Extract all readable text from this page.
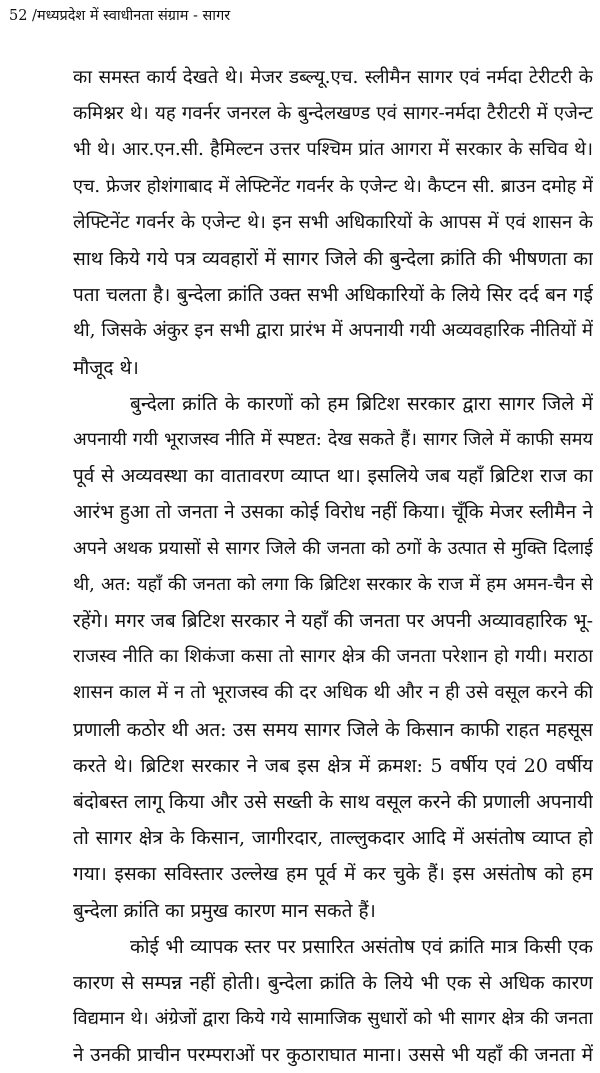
52 /मध्यप्रदेश में स्वाधीनता संग्राम - सागर
का समस्त कार्य देखते थे। मेजर डब्ल्यू.एच. स्लीमैन सागर एवं नर्मदा टेरीटरी के
कमिश्नर थे। यह गवर्नर जनरल के बुन्देलखण्ड एवं सागर-नर्मदा टैरीटरी में एजेन्ट
भी थे। आर.एन.सी. हैमिल्टन उत्तर पश्चिम प्रांत आगरा में सरकार के सचिव थे।
एच. फ्रेजर होशंगाबाद में लेफ्टिनेंट गवर्नर के एजेन्ट थे। कैप्टन सी. ब्राउन दमोह में
लेफ्टिनेंट गवर्नर के एजेन्ट थे। इन सभी अधिकारियों के आपस में एवं शासन के
साथ किये गये पत्र व्यवहारों में सागर जिले की बुन्देला क्रांति की भीषणता का
पता चलता है। बुन्देला क्रांति उक्त सभी अधिकारियों के लिये सिर दर्द बन गई
थी, जिसके अंकुर इन सभी द्वारा प्रारंभ में अपनायी गयी अव्यवहारिक नीतियों में
मौजूद थे।
बुन्देला क्रांति के कारणों को हम ब्रिटिश सरकार द्वारा सागर जिले में
अपनायी गयी भूराजस्व नीति में स्पष्टत: देख सकते हैं। सागर जिले में काफी समय
पूर्व से अव्यवस्था का वातावरण व्याप्त था। इसलिये जब यहाँ ब्रिटिश राज का
आरंभ हुआ तो जनता ने उसका कोई विरोध नहीं किया। चूँकि मेजर स्लीमैन ने
अपने अथक प्रयासों से सागर जिले की जनता को ठगों के उत्पात से मुक्ति दिलाई
थी, अत: यहाँ की जनता को लगा कि ब्रिटिश सरकार के राज में हम अमन-चैन से
रहेंगे। मगर जब ब्रिटिश सरकार ने यहाँ की जनता पर अपनी अव्यावहारिक भू-
राजस्व नीति का शिकंजा कसा तो सागर क्षेत्र की जनता परेशान हो गयी। मराठा
शासन काल में न तो भूराजस्व की दर अधिक थी और न ही उसे वसूल करने की
प्रणाली कठोर थी अत: उस समय सागर जिले के किसान काफी राहत महसूस
करते थे। ब्रिटिश सरकार ने जब इस क्षेत्र में क्रमश: 5 वर्षीय एवं 20 वर्षीय
बंदोबस्त लागू किया और उसे सख्ती के साथ वसूल करने की प्रणाली अपनायी
तो सागर क्षेत्र के किसान, जागीरदार, ताल्लुकदार आदि में असंतोष व्याप्त हो
गया। इसका सविस्तार उल्लेख हम पूर्व में कर चुके हैं। इस असंतोष को हम
बुन्देला क्रांति का प्रमुख कारण मान सकते हैं।
कोई भी व्यापक स्तर पर प्रसारित असंतोष एवं क्रांति मात्र किसी एक
कारण से सम्पन्न नहीं होती। बुन्देला क्रांति के लिये भी एक से अधिक कारण
विद्यमान थे। अंग्रेजों द्वारा किये गये सामाजिक सुधारों को भी सागर क्षेत्र की जनता
ने उनकी प्राचीन परम्पराओं पर कुठाराघात माना। उससे भी यहाँ की जनता में
